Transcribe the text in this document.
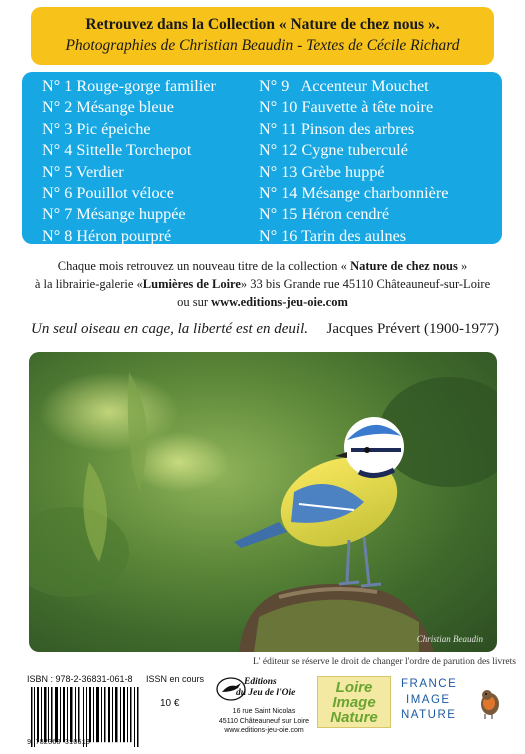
Retrouvez dans la Collection « Nature de chez nous ».
Photographies de Christian Beaudin - Textes de Cécile Richard
N° 1 Rouge-gorge familier
N° 2 Mésange bleue
N° 3 Pic épeiche
N° 4 Sittelle Torchepot
N° 5 Verdier
N° 6 Pouillot véloce
N° 7 Mésange huppée
N° 8 Héron pourpré
N° 9   Accenteur Mouchet
N° 10 Fauvette à tête noire
N° 11 Pinson des arbres
N° 12 Cygne tuberculé
N° 13 Grèbe huppé
N° 14 Mésange charbonnière
N° 15 Héron cendré
N° 16 Tarin des aulnes
Chaque mois retrouvez un nouveau titre de la collection « Nature de chez nous »
à la librairie-galerie «Lumières de Loire» 33 bis Grande rue 45110 Châteauneuf-sur-Loire
ou sur www.editions-jeu-oie.com
Un seul oiseau en cage, la liberté est en deuil. Jacques Prévert (1900-1977)
Christian Beaudin
L' éditeur se réserve le droit de changer l'ordre de parution des livrets
ISBN : 978-2-36831-061-8 ISSN en cours
9 782368 310618
10 €
Editions
du Jeu de l'Oie
16 rue Saint Nicolas
45110 Châteauneuf sur Loire
www.editions-jeu-oie.com
Loire
Image
Nature
FRANCE
IMAGE
NATURE
